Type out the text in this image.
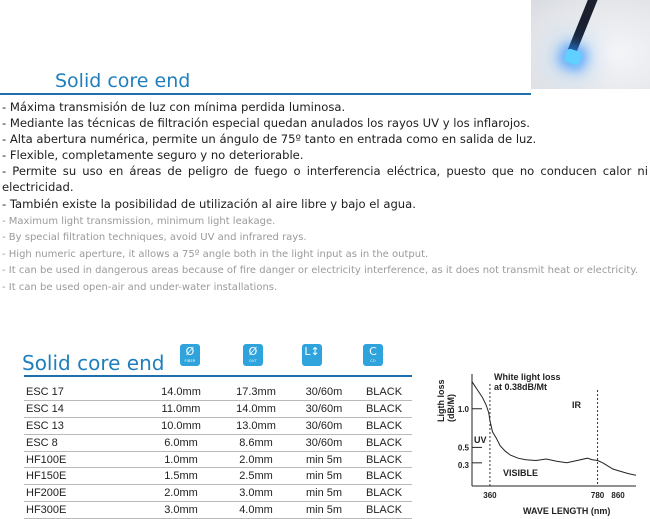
Solid core end
- Máxima transmisión de luz con mínima perdida luminosa.
- Mediante las técnicas de filtración especial quedan anulados los rayos UV y los inflarojos.
- Alta abertura numérica, permite un ángulo de 75º tanto en entrada como en salida de luz.
- Flexible, completamente seguro y no deteriorable.
- Permite su uso en áreas de peligro de fuego o interferencia eléctrica, puesto que no conducen calor ni electricidad.
- También existe la posibilidad de utilización al aire libre y bajo el agua.
- Maximum light transmission, minimum light leakage.
- By special filtration techniques, avoid UV and infrared rays.
- High numeric aperture, it allows a 75º angle both in the light input as in the output.
- It can be used in dangerous areas because of fire danger or electricity interference, as it does not transmit heat or electricity.
- It can be used open-air and under-water installations.
Solid core end	Ø
FIBER
Ø
OUT
L↕	C
CO
ESC 17	14.0mm	17.3mm	30/60m	BLACK
ESC 14	11.0mm	14.0mm	30/60m	BLACK
ESC 13	10.0mm	13.0mm	30/60m	BLACK
ESC 8	6.0mm	8.6mm	30/60m	BLACK
HF100E	1.0mm	2.0mm	min 5m	BLACK
HF150E	1.5mm	2.5mm	min 5m	BLACK
HF200E	2.0mm	3.0mm	min 5m	BLACK
HF300E	3.0mm	4.0mm	min 5m	BLACK
Ligth loss (dB/M) 1.0
0.5
0.3
360	780 860
White light loss at 0.38dB/Mt
UV
VISIBLE
IR
WAVE LENGTH (nm)
